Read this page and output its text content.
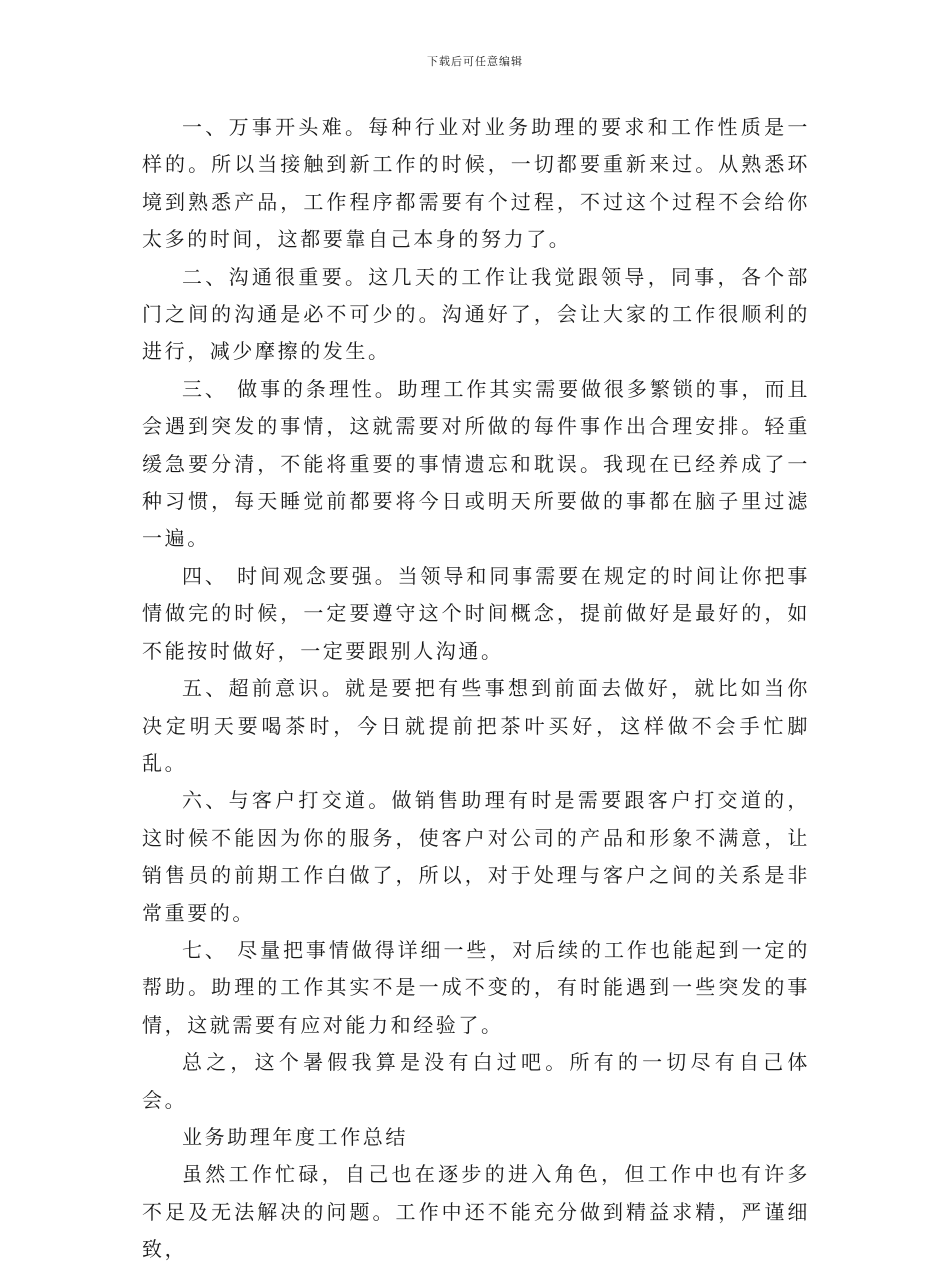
下载后可任意编辑

一、万事开头难。每种行业对业务助理的要求和工作性质是一样的。所以当接触到新工作的时候，一切都要重新来过。从熟悉环境到熟悉产品，工作程序都需要有个过程，不过这个过程不会给你太多的时间，这都要靠自己本身的努力了。

二、沟通很重要。这几天的工作让我觉跟领导，同事，各个部门之间的沟通是必不可少的。沟通好了，会让大家的工作很顺利的进行，减少摩擦的发生。

三、 做事的条理性。助理工作其实需要做很多繁锁的事，而且会遇到突发的事情，这就需要对所做的每件事作出合理安排。轻重缓急要分清，不能将重要的事情遗忘和耽误。我现在已经养成了一种习惯，每天睡觉前都要将今日或明天所要做的事都在脑子里过滤一遍。

四、 时间观念要强。当领导和同事需要在规定的时间让你把事情做完的时候，一定要遵守这个时间概念，提前做好是最好的，如不能按时做好，一定要跟别人沟通。

五、超前意识。就是要把有些事想到前面去做好，就比如当你决定明天要喝茶时，今日就提前把茶叶买好，这样做不会手忙脚乱。

六、与客户打交道。做销售助理有时是需要跟客户打交道的，这时候不能因为你的服务，使客户对公司的产品和形象不满意，让销售员的前期工作白做了，所以，对于处理与客户之间的关系是非常重要的。

七、 尽量把事情做得详细一些，对后续的工作也能起到一定的帮助。助理的工作其实不是一成不变的，有时能遇到一些突发的事情，这就需要有应对能力和经验了。

总之，这个暑假我算是没有白过吧。所有的一切尽有自己体会。

业务助理年度工作总结

虽然工作忙碌，自己也在逐步的进入角色，但工作中也有许多不足及无法解决的问题。工作中还不能充分做到精益求精，严谨细致，
